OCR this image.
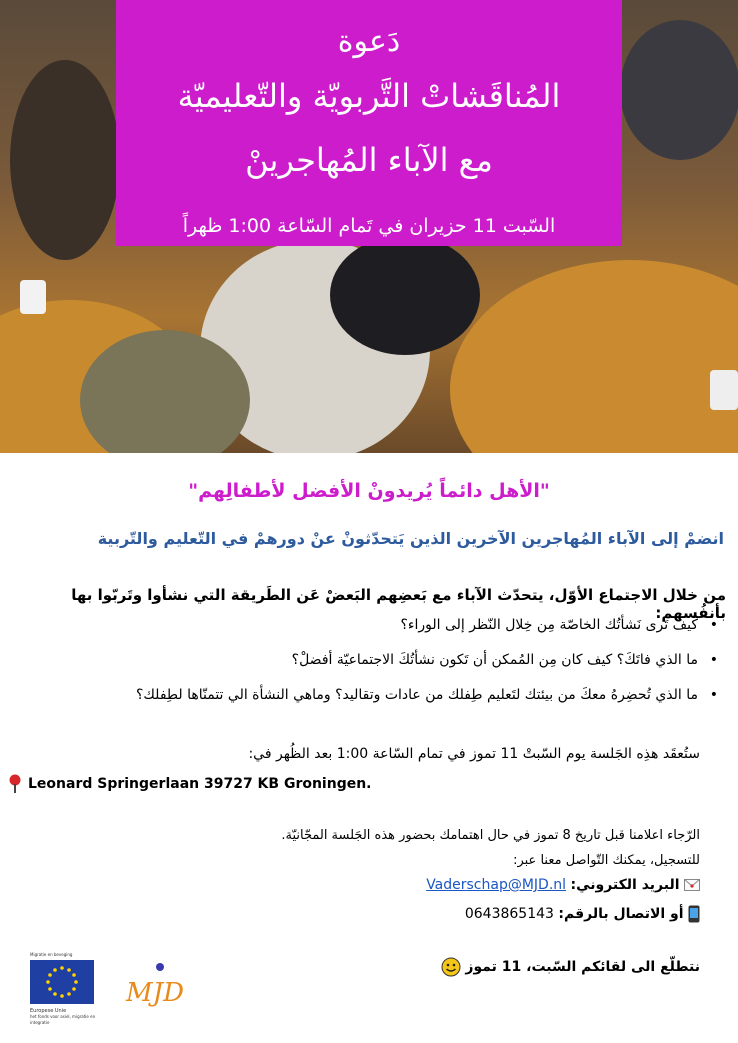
دَعوة
المُناقَشاتْ التَّربويّة والتّعليميّة
مع الآباء المُهاجرينْ
السّبت 11 حزيران في تَمام السّاعة 1:00 ظهراً
"الأهل دائماً يُريدونْ الأفضل لأطفالِهم"
انضمْ إلى الآباء المُهاجرين الآخرين الذين يَتحدّثونْ عنْ دورهمْ في التّعليم والتّربية
من خلال الاجتماع الأوّل، يتحدّث الآباء مع بَعضِهم البَعضْ عَن الطَريقة التي نشأوا وتَربّوا بها بأنفُسهم:
• كيف تَرى نَشأتُك الخاصّة مِن خِلال النّظر إلى الوراء؟
• ما الذي فاتَكَ؟ كيف كان مِن المُمكن أن تَكون نشأتُكَ الاجتماعيّة أفضلْ؟
• ما الذي تُحضِرهُ معكَ من بيئتك لتَعليم طِفلك من عادات وتقاليد؟ وماهي النشأة الي تتمنّاها لطِفلك؟
ستُعقَد هذِه الجَلسة يوم السّبتْ 11 تموز في تمام السّاعة 1:00 بعد الظُهر في:
Leonard Springerlaan 39727 KB Groningen.
الرّجاء اعلامنا قبل تاريخ 8 تموز في حال اهتمامك بحضور هذه الجَلسة المجّانيّة.
للتسجيل، يمكنك التّواصل معنا عبر:
البريد الكتروني: Vaderschap@MJD.nl
أو الاتصال بالرقم: 0643865143
نتطلّع الى لقائكم السّبت، 11 تموز
Migratie en beveging
Europese Unie
het fonds voor asiel, migratie en integratie
MJD
